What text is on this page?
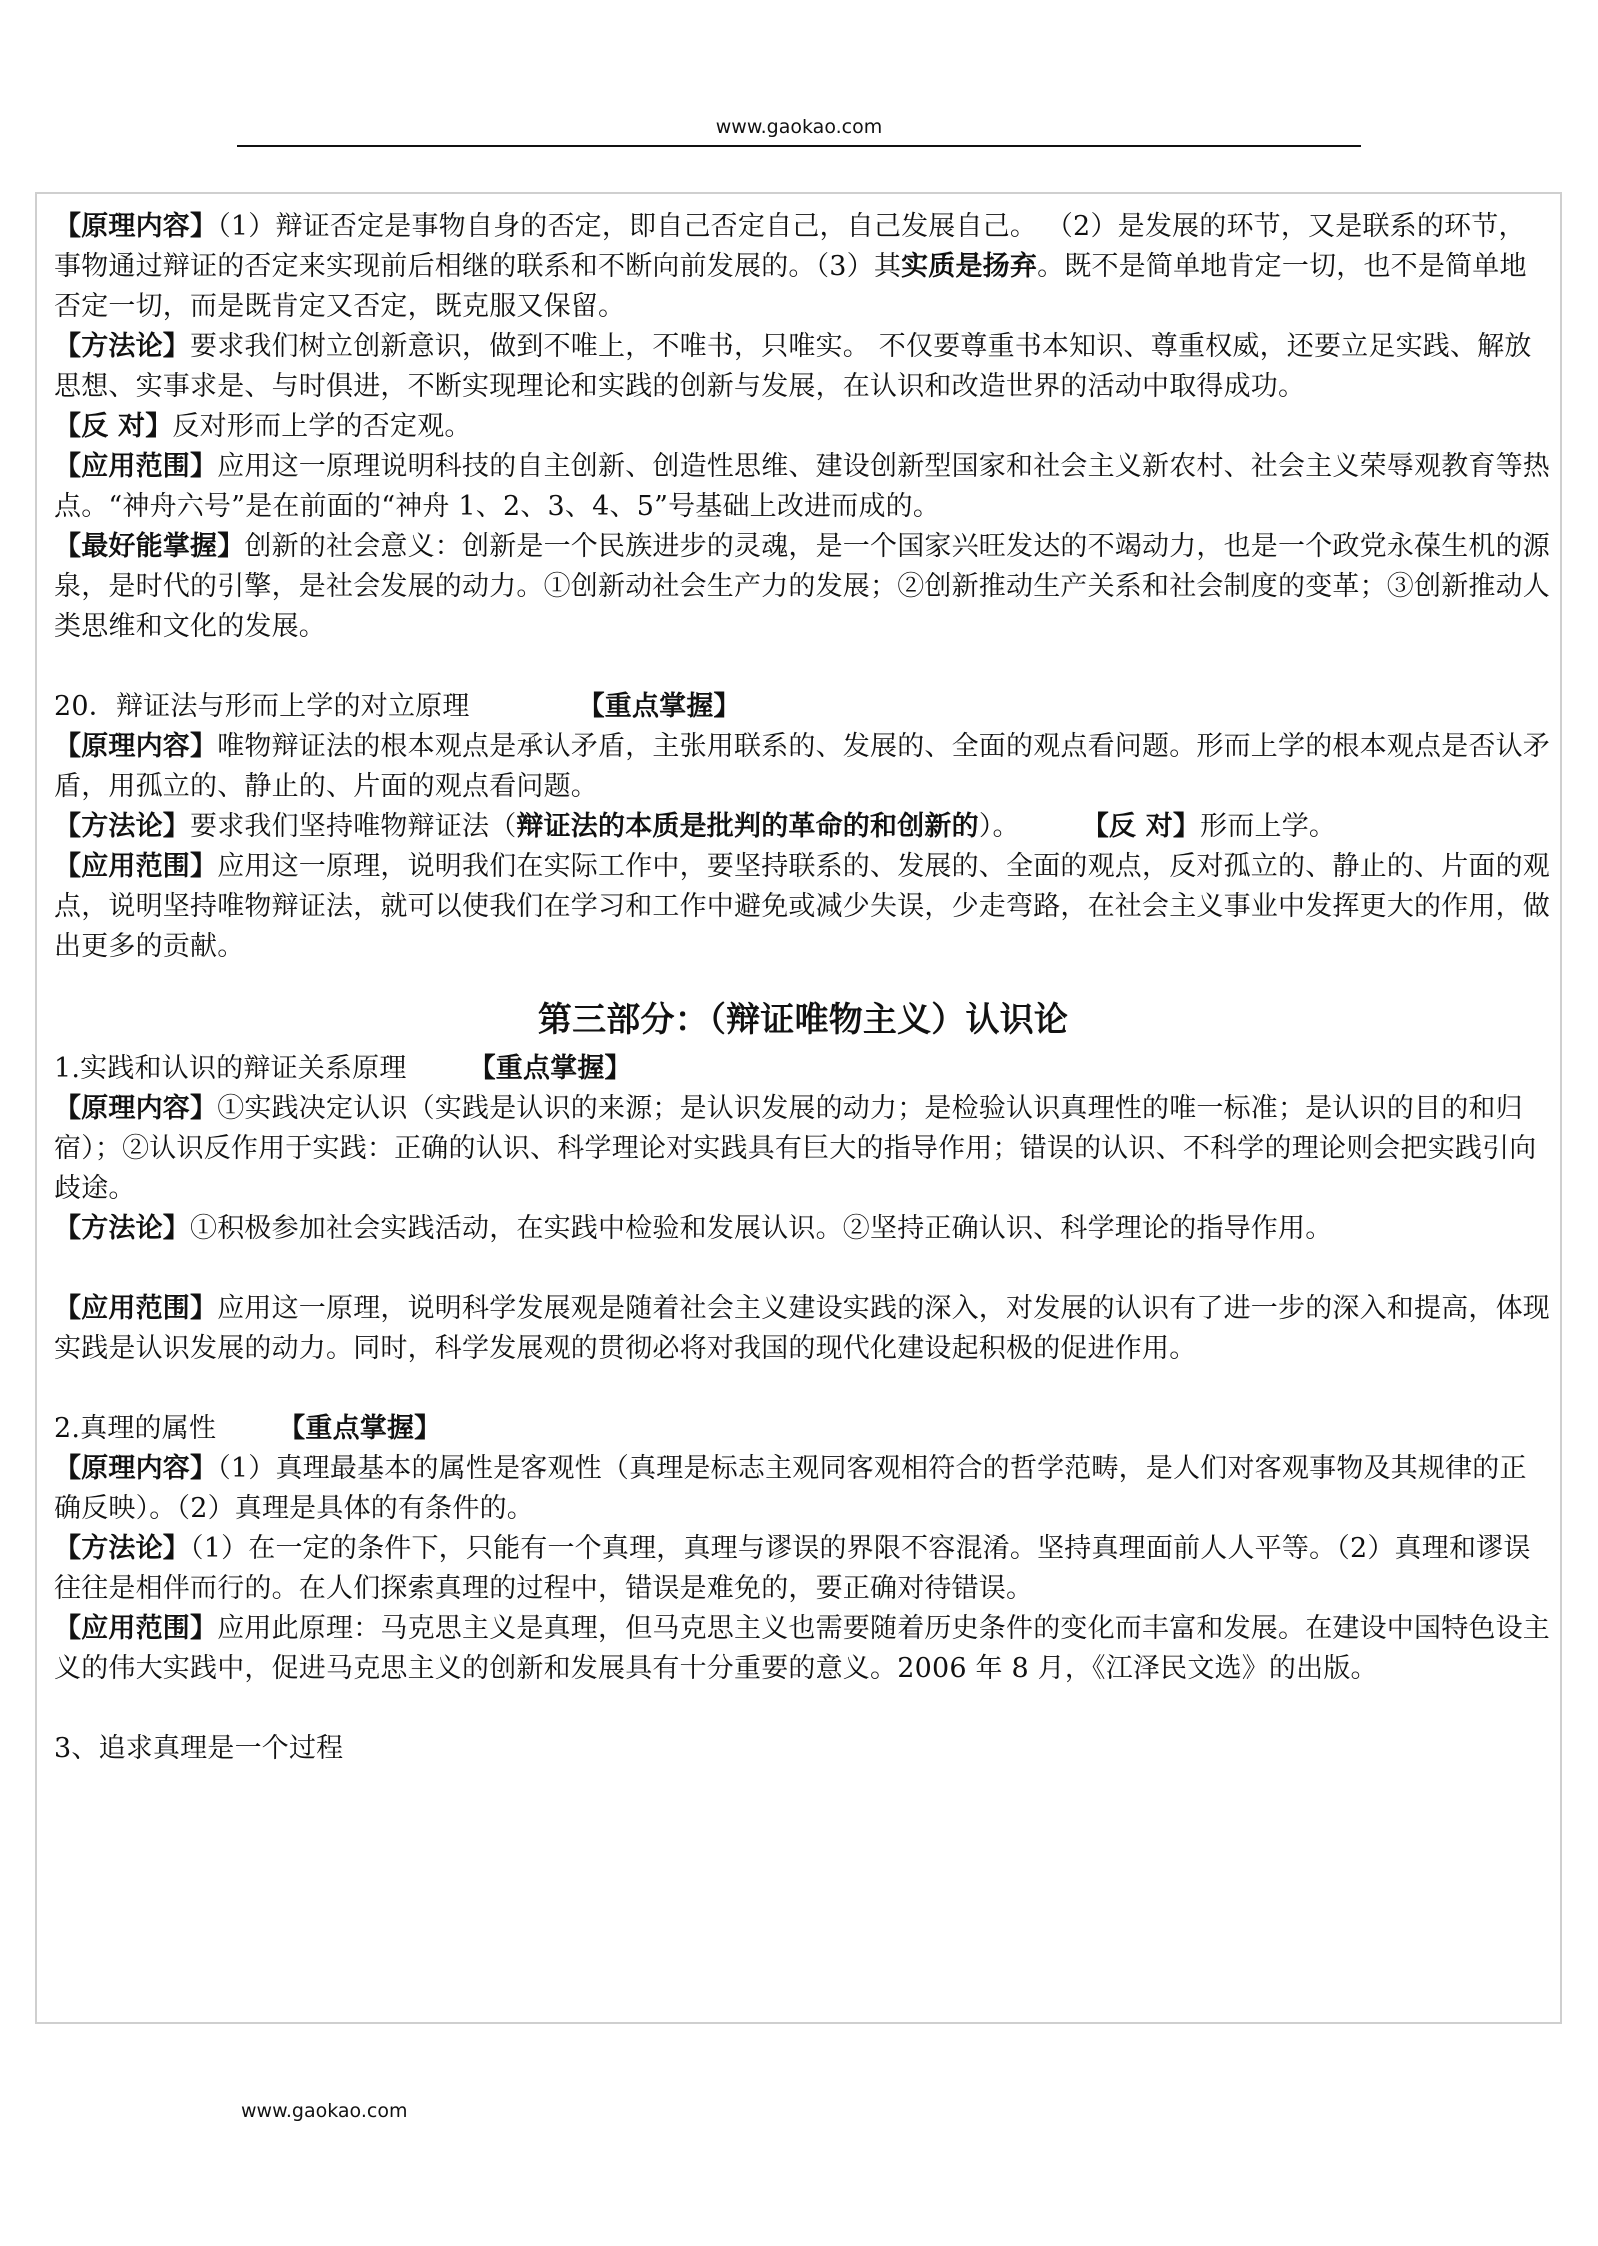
www.gaokao.com

【原理内容】（1）辩证否定是事物自身的否定，即自己否定自己，自己发展自己。 （2）是发展的环节，又是联系的环节，事物通过辩证的否定来实现前后相继的联系和不断向前发展的。（3）其实质是扬弃。既不是简单地肯定一切，也不是简单地否定一切，而是既肯定又否定，既克服又保留。

【方法论】要求我们树立创新意识，做到不唯上，不唯书，只唯实。 不仅要尊重书本知识、尊重权威，还要立足实践、解放思想、实事求是、与时俱进，不断实现理论和实践的创新与发展，在认识和改造世界的活动中取得成功。

【反 对】反对形而上学的否定观。

【应用范围】应用这一原理说明科技的自主创新、创造性思维、建设创新型国家和社会主义新农村、社会主义荣辱观教育等热点。“神舟六号”是在前面的“神舟 1、2、3、4、5”号基础上改进而成的。

【最好能掌握】创新的社会意义：创新是一个民族进步的灵魂，是一个国家兴旺发达的不竭动力，也是一个政党永葆生机的源泉，是时代的引擎，是社会发展的动力。①创新动社会生产力的发展；②创新推动生产关系和社会制度的变革；③创新推动人类思维和文化的发展。

20．辩证法与形而上学的对立原理	【重点掌握】

【原理内容】唯物辩证法的根本观点是承认矛盾，主张用联系的、发展的、全面的观点看问题。形而上学的根本观点是否认矛盾，用孤立的、静止的、片面的观点看问题。

【方法论】要求我们坚持唯物辩证法（辩证法的本质是批判的革命的和创新的）。 【反 对】形而上学。

【应用范围】应用这一原理，说明我们在实际工作中，要坚持联系的、发展的、全面的观点，反对孤立的、静止的、片面的观点，说明坚持唯物辩证法，就可以使我们在学习和工作中避免或减少失误，少走弯路，在社会主义事业中发挥更大的作用，做出更多的贡献。

第三部分：（辩证唯物主义）认识论

1.实践和认识的辩证关系原理 【重点掌握】

【原理内容】①实践决定认识（实践是认识的来源；是认识发展的动力；是检验认识真理性的唯一标准；是认识的目的和归宿）；②认识反作用于实践：正确的认识、科学理论对实践具有巨大的指导作用；错误的认识、不科学的理论则会把实践引向歧途。

【方法论】①积极参加社会实践活动，在实践中检验和发展认识。②坚持正确认识、科学理论的指导作用。

【应用范围】应用这一原理，说明科学发展观是随着社会主义建设实践的深入，对发展的认识有了进一步的深入和提高，体现实践是认识发展的动力。同时，科学发展观的贯彻必将对我国的现代化建设起积极的促进作用。

2.真理的属性 【重点掌握】

【原理内容】（1）真理最基本的属性是客观性（真理是标志主观同客观相符合的哲学范畴，是人们对客观事物及其规律的正确反映）。（2）真理是具体的有条件的。

【方法论】（1）在一定的条件下，只能有一个真理，真理与谬误的界限不容混淆。坚持真理面前人人平等。（2）真理和谬误往往是相伴而行的。在人们探索真理的过程中，错误是难免的，要正确对待错误。

【应用范围】应用此原理：马克思主义是真理，但马克思主义也需要随着历史条件的变化而丰富和发展。在建设中国特色设主义的伟大实践中，促进马克思主义的创新和发展具有十分重要的意义。2006 年 8 月，《江泽民文选》的出版。

3、追求真理是一个过程

www.gaokao.com
